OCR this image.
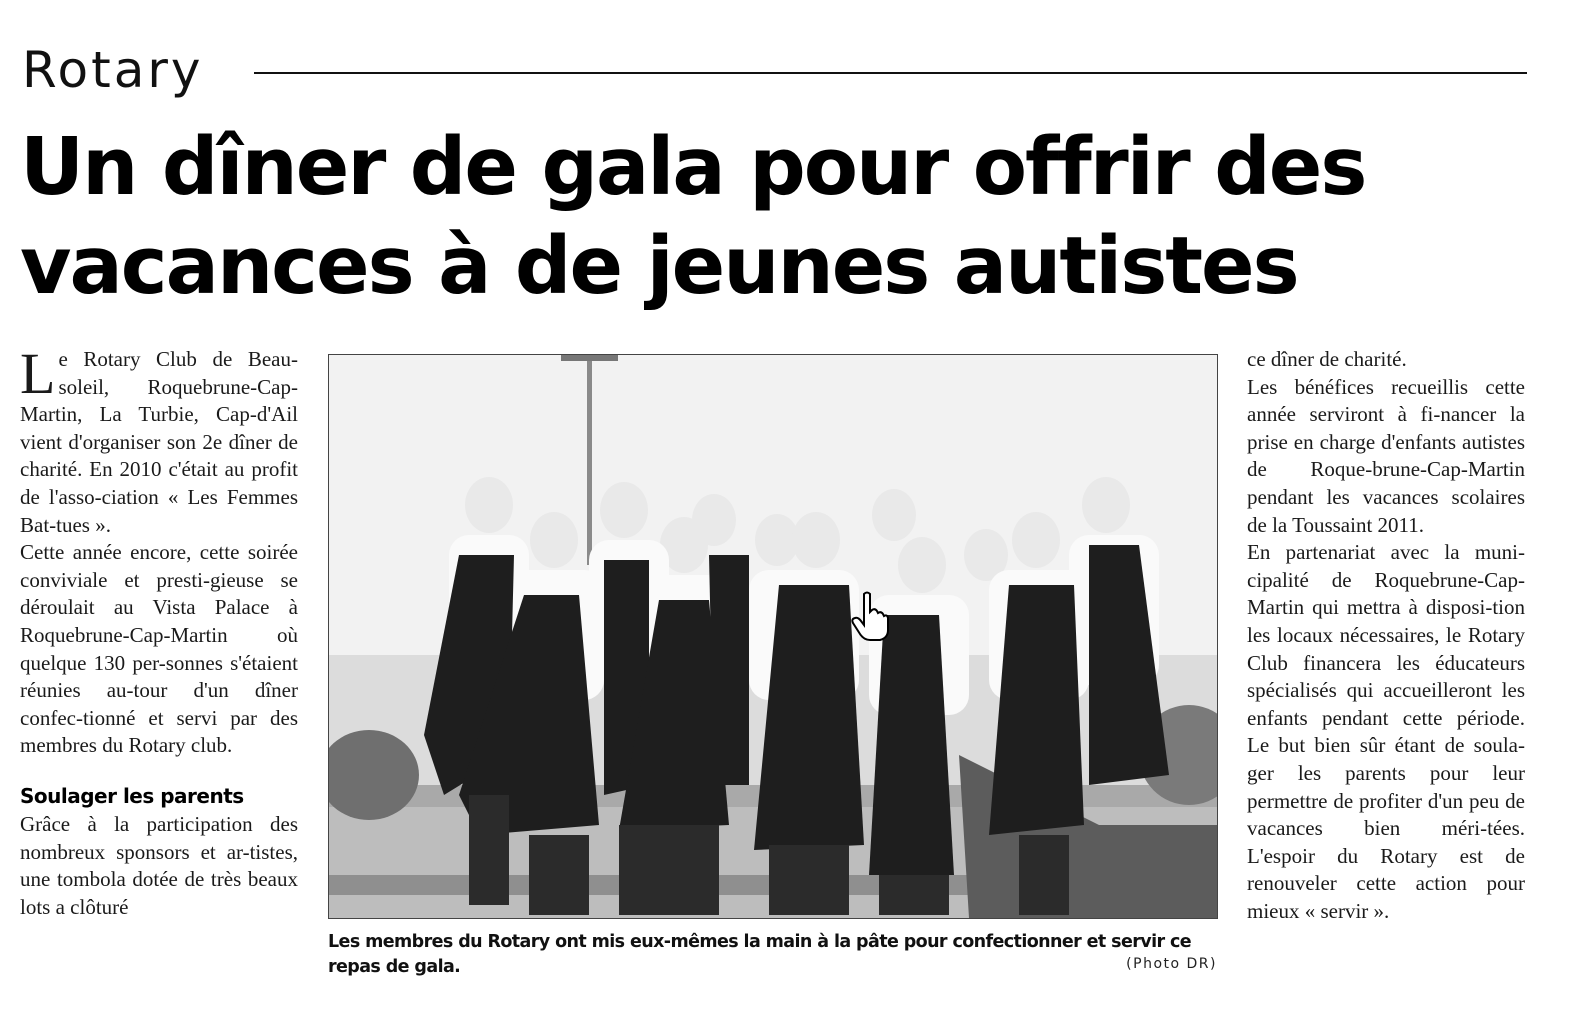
Rotary
Un dîner de gala pour offrir des vacances à de jeunes autistes

Le Rotary Club de Beau-soleil, Roquebrune-Cap-Martin, La Turbie, Cap-d'Ail vient d'organiser son 2e dîner de charité. En 2010 c'était au profit de l'asso-ciation « Les Femmes Bat-tues ».

Cette année encore, cette soirée conviviale et presti-gieuse se déroulait au Vista Palace à Roquebrune-Cap-Martin où quelque 130 per-sonnes s'étaient réunies au-tour d'un dîner confec-tionné et servi par des membres du Rotary club.

Soulager les parents

Grâce à la participation des nombreux sponsors et ar-tistes, une tombola dotée de très beaux lots a clôturé

Les membres du Rotary ont mis eux-mêmes la main à la pâte pour confectionner et servir ce repas de gala.	(Photo DR)

ce dîner de charité.

Les bénéfices recueillis cette année serviront à fi-nancer la prise en charge d'enfants autistes de Roque-brune-Cap-Martin pendant les vacances scolaires de la Toussaint 2011.

En partenariat avec la muni-cipalité de Roquebrune-Cap-Martin qui mettra à disposi-tion les locaux nécessaires, le Rotary Club financera les éducateurs spécialisés qui accueilleront les enfants pendant cette période. Le but bien sûr étant de soula-ger les parents pour leur permettre de profiter d'un peu de vacances bien méri-tées. L'espoir du Rotary est de renouveler cette action pour mieux « servir ».
